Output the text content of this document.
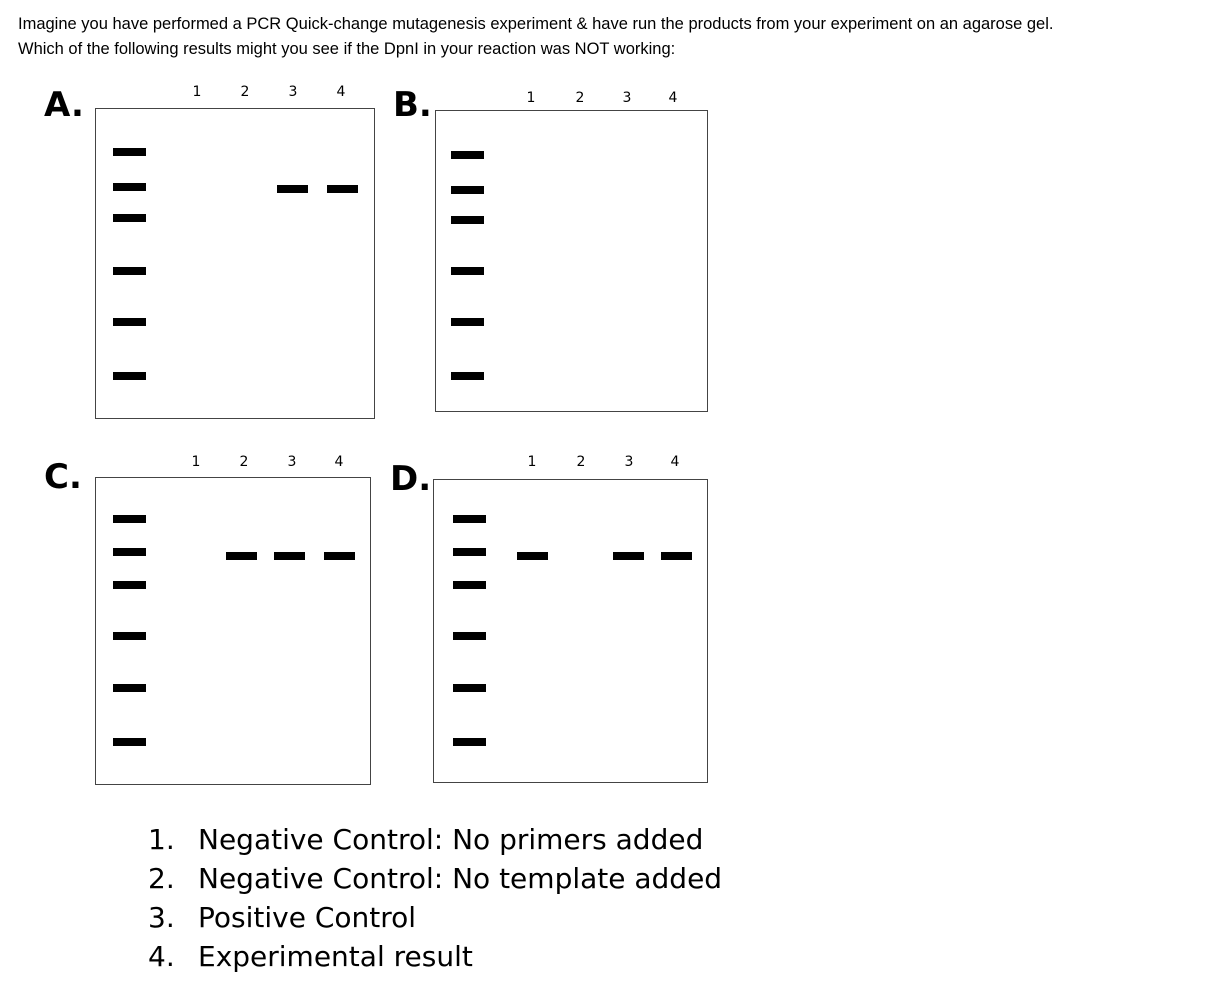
Imagine you have performed a PCR Quick-change mutagenesis experiment & have run the products from your experiment on an agarose gel.

Which of the following results might you see if the DpnI in your reaction was NOT working:

A.	1	2	3	4 B.	1	2	3	4
C.	1	2	3	4 D.	1	2	3	4
1. Negative Control: No primers added
2. Negative Control: No template added
3. Positive Control
4. Experimental result
